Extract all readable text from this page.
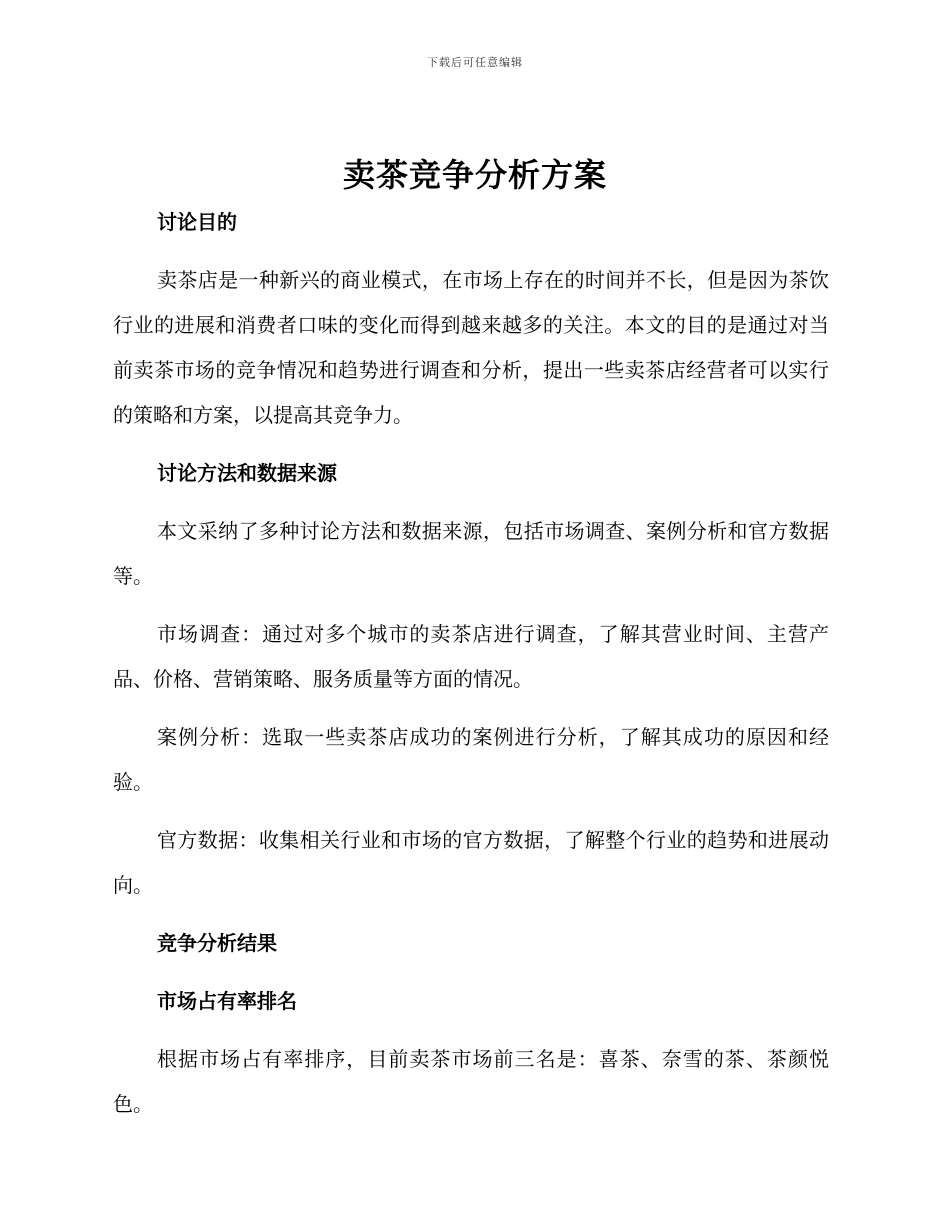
下载后可任意编辑
卖茶竞争分析方案
讨论目的
卖茶店是一种新兴的商业模式，在市场上存在的时间并不长，但是因为茶饮行业的进展和消费者口味的变化而得到越来越多的关注。本文的目的是通过对当前卖茶市场的竞争情况和趋势进行调查和分析，提出一些卖茶店经营者可以实行的策略和方案，以提高其竞争力。
讨论方法和数据来源
本文采纳了多种讨论方法和数据来源，包括市场调查、案例分析和官方数据等。
市场调查：通过对多个城市的卖茶店进行调查，了解其营业时间、主营产品、价格、营销策略、服务质量等方面的情况。
案例分析：选取一些卖茶店成功的案例进行分析，了解其成功的原因和经验。
官方数据：收集相关行业和市场的官方数据，了解整个行业的趋势和进展动向。
竞争分析结果
市场占有率排名
根据市场占有率排序，目前卖茶市场前三名是：喜茶、奈雪的茶、茶颜悦色。
